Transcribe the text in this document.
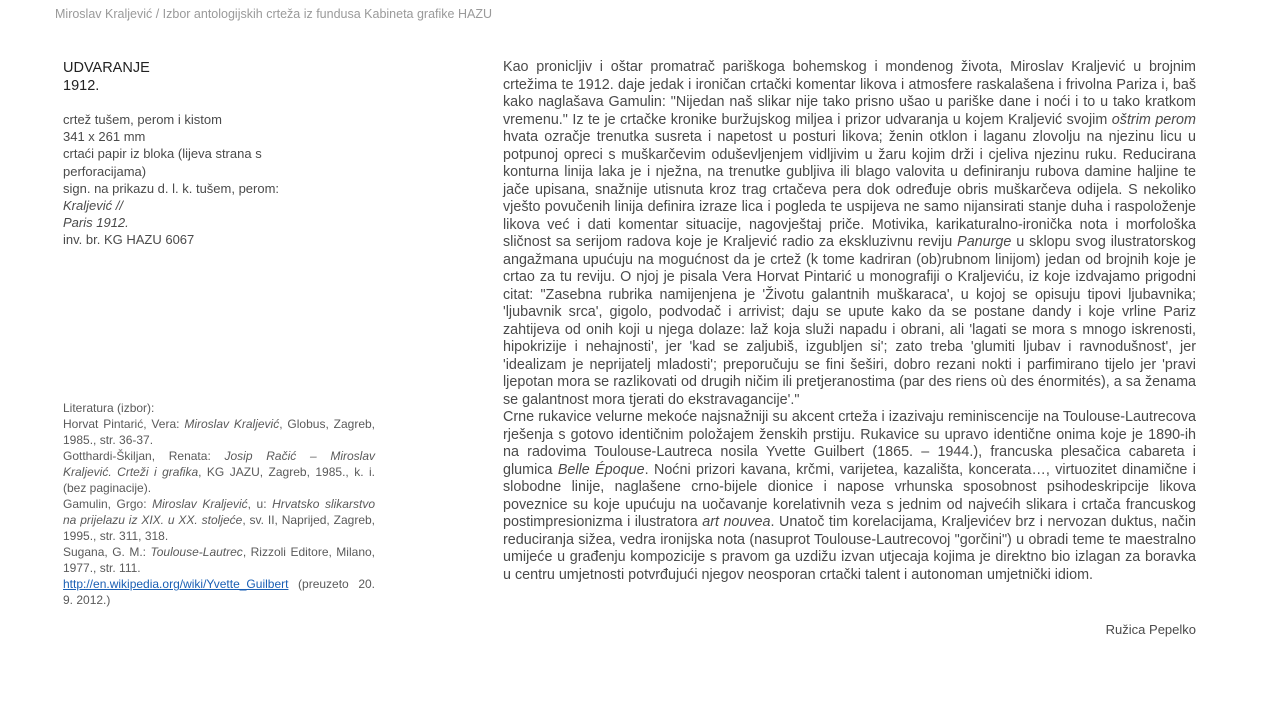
Miroslav Kraljević / Izbor antologijskih crteža iz fundusa Kabineta grafike HAZU
UDVARANJE
1912.
crtež tušem, perom i kistom
341 x 261 mm
crtaći papir iz bloka (lijeva strana s perforacijama)
sign. na prikazu d. l. k. tušem, perom:
Kraljević //
Paris 1912.
inv. br. KG HAZU 6067

Literatura (izbor):

Horvat Pintarić, Vera: Miroslav Kraljević, Globus, Zagreb, 1985., str. 36-37.

Gotthardi-Škiljan, Renata: Josip Račić – Miroslav Kraljević. Crteži i grafika, KG JAZU, Zagreb, 1985., k. i. (bez paginacije).

Gamulin, Grgo: Miroslav Kraljević, u: Hrvatsko slikarstvo na prijelazu iz XIX. u XX. stoljeće, sv. II, Naprijed, Zagreb, 1995., str. 311, 318.

Sugana, G. M.: Toulouse-Lautrec, Rizzoli Editore, Milano, 1977., str. 111.

http://en.wikipedia.org/wiki/Yvette_Guilbert (preuzeto 20. 9. 2012.)

Kao pronicljiv i oštar promatrač pariškoga bohemskog i mondenog života, Miroslav Kraljević u brojnim crtežima te 1912. daje jedak i ironičan crtački komentar likova i atmosfere raskalašena i frivolna Pariza i, baš kako naglašava Gamulin: "Nijedan naš slikar nije tako prisno ušao u pariške dane i noći i to u tako kratkom vremenu." Iz te je crtačke kronike buržujskog miljea i prizor udvaranja u kojem Kraljević svojim oštrim perom hvata ozračje trenutka susreta i napetost u posturi likova; ženin otklon i laganu zlovolju na njezinu licu u potpunoj opreci s muškarčevim oduševljenjem vidljivim u žaru kojim drži i cjeliva njezinu ruku. Reducirana konturna linija laka je i nježna, na trenutke gubljiva ili blago valovita u definiranju rubova damine haljine te jače upisana, snažnije utisnuta kroz trag crtačeva pera dok određuje obris muškarčeva odijela. S nekoliko vješto povučenih linija definira izraze lica i pogleda te uspijeva ne samo nijansirati stanje duha i raspoloženje likova već i dati komentar situacije, nagovještaj priče. Motivika, karikaturalno-ironička nota i morfološka sličnost sa serijom radova koje je Kraljević radio za ekskluzivnu reviju Panurge u sklopu svog ilustratorskog angažmana upućuju na mogućnost da je crtež (k tome kadriran (ob)rubnom linijom) jedan od brojnih koje je crtao za tu reviju. O njoj je pisala Vera Horvat Pintarić u monografiji o Kraljeviću, iz koje izdvajamo prigodni citat: "Zasebna rubrika namijenjena je 'Životu galantnih muškaraca', u kojoj se opisuju tipovi ljubavnika; 'ljubavnik srca', gigolo, podvodač i arrivist; daju se upute kako da se postane dandy i koje vrline Pariz zahtijeva od onih koji u njega dolaze: laž koja služi napadu i obrani, ali 'lagati se mora s mnogo iskrenosti, hipokrizije i nehajnosti', jer 'kad se zaljubiš, izgubljen si'; zato treba 'glumiti ljubav i ravnodušnost', jer 'idealizam je neprijatelj mladosti'; preporučuju se fini šeširi, dobro rezani nokti i parfimirano tijelo jer 'pravi ljepotan mora se razlikovati od drugih ničim ili pretjeranostima (par des riens où des énormités), a sa ženama se galantnost mora tjerati do ekstravagancije'."

Crne rukavice velurne mekoće najsnažniji su akcent crteža i izazivaju reminiscencije na Toulouse-Lautrecova rješenja s gotovo identičnim položajem ženskih prstiju. Rukavice su upravo identične onima koje je 1890-ih na radovima Toulouse-Lautreca nosila Yvette Guilbert (1865. – 1944.), francuska plesačica cabareta i glumica Belle Époque. Noćni prizori kavana, krčmi, varijetea, kazališta, koncerata…, virtuozitet dinamične i slobodne linije, naglašene crno-bijele dionice i napose vrhunska sposobnost psihodeskripcije likova poveznice su koje upućuju na uočavanje korelativnih veza s jednim od najvećih slikara i crtača francuskog postimpresionizma i ilustratora art nouvea. Unatoč tim korelacijama, Kraljevićev brz i nervozan duktus, način reduciranja sižea, vedra ironijska nota (nasuprot Toulouse-Lautrecovoj "gorčini") u obradi teme te maestralno umijeće u građenju kompozicije s pravom ga uzdižu izvan utjecaja kojima je direktno bio izlagan za boravka u centru umjetnosti potvrđujući njegov neosporan crtački talent i autonoman umjetnički idiom.

Ružica Pepelko
